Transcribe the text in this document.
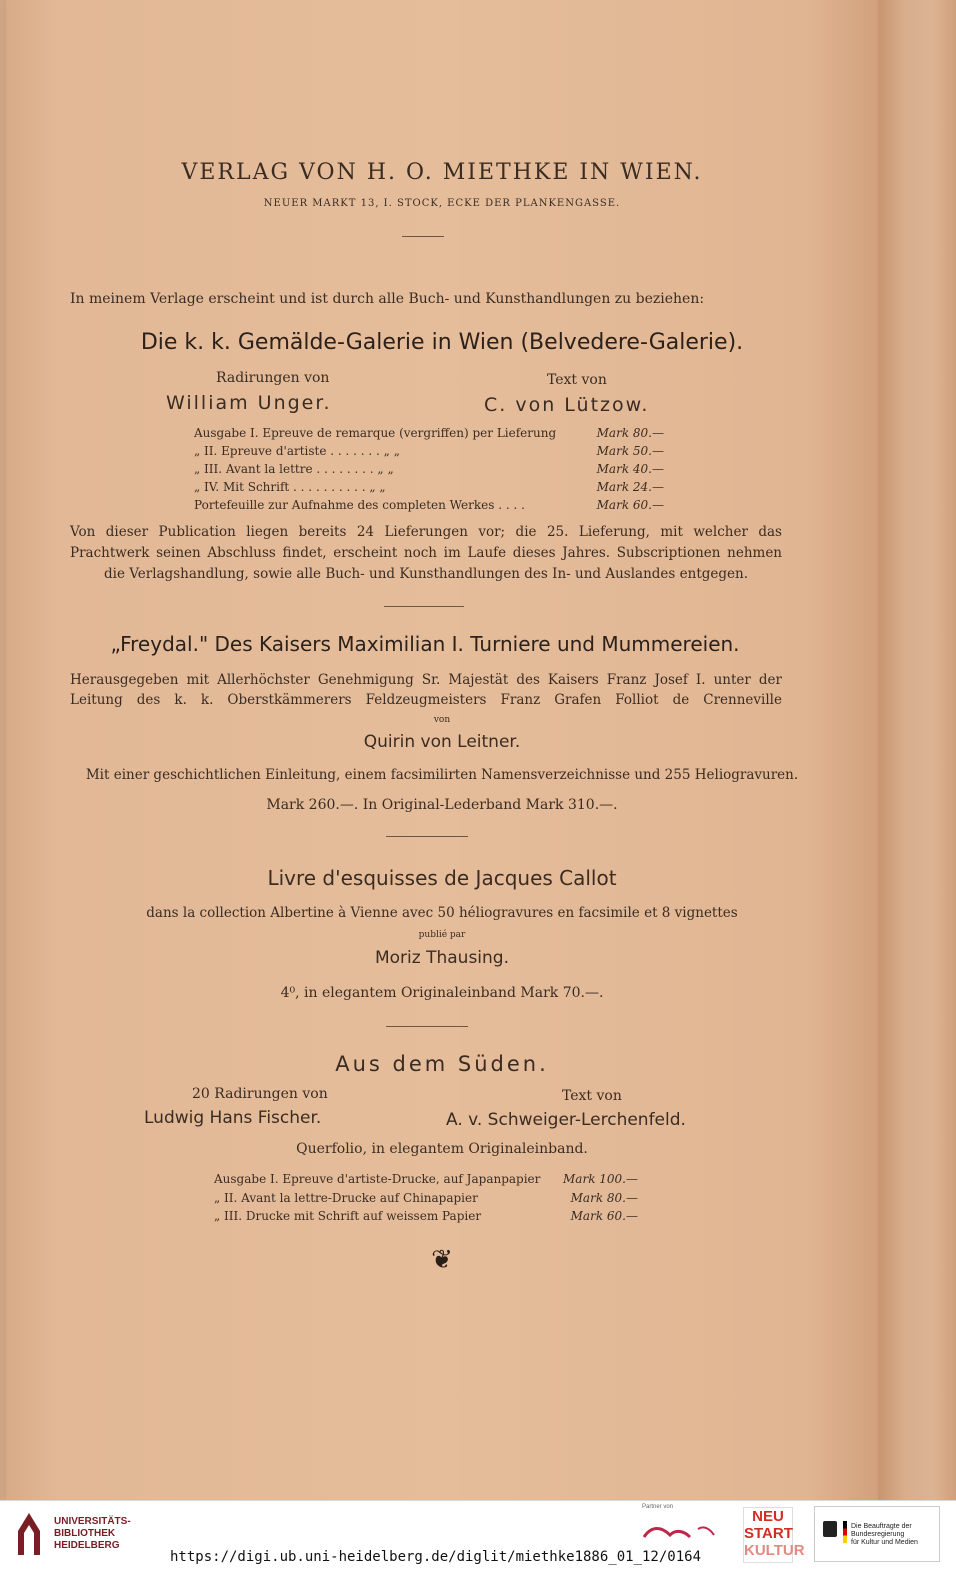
VERLAG VON H. O. MIETHKE IN WIEN.
NEUER MARKT 13, I. STOCK, ECKE DER PLANKENGASSE.
In meinem Verlage erscheint und ist durch alle Buch- und Kunsthandlungen zu beziehen:
Die k. k. Gemälde-Galerie in Wien (Belvedere-Galerie).
Radirungen von	Text von
William Unger.	C. von Lützow.
Ausgabe I. Epreuve de remarque (vergriffen) per Lieferung	Mark 80.—
„ II. Epreuve d'artiste . . . . . . . „ „	Mark 50.—
„ III. Avant la lettre . . . . . . . . „ „	Mark 40.—
„ IV. Mit Schrift . . . . . . . . . . „ „	Mark 24.—
Portefeuille zur Aufnahme des completen Werkes . . . .	Mark 60.—
Von dieser Publication liegen bereits 24 Lieferungen vor; die 25. Lieferung, mit welcher das
Prachtwerk seinen Abschluss findet, erscheint noch im Laufe dieses Jahres. Subscriptionen nehmen
die Verlagshandlung, sowie alle Buch- und Kunsthandlungen des In- und Auslandes entgegen.
„Freydal." Des Kaisers Maximilian I. Turniere und Mummereien.
Herausgegeben mit Allerhöchster Genehmigung Sr. Majestät des Kaisers Franz Josef I. unter der
Leitung des k. k. Oberstkämmerers Feldzeugmeisters Franz Grafen Folliot de Crenneville
von
Quirin von Leitner.
Mit einer geschichtlichen Einleitung, einem facsimilirten Namensverzeichnisse und 255 Heliogravuren.
Mark 260.—. In Original-Lederband Mark 310.—.
Livre d'esquisses de Jacques Callot
dans la collection Albertine à Vienne avec 50 héliogravures en facsimile et 8 vignettes
publié par
Moriz Thausing.
4⁰, in elegantem Originaleinband Mark 70.—.
Aus dem Süden.
20 Radirungen von	Text von
Ludwig Hans Fischer.	A. v. Schweiger-Lerchenfeld.
Querfolio, in elegantem Originaleinband.
Ausgabe I. Epreuve d'artiste-Drucke, auf Japanpapier Mark 100.—
„ II. Avant la lettre-Drucke auf Chinapapier	Mark 80.—
„ III. Drucke mit Schrift auf weissem Papier	Mark 60.—
❦
UNIVERSITÄTS-
BIBLIOTHEK
HEIDELBERG
https://digi.ub.uni-heidelberg.de/diglit/miethke1886_01_12/0164
Partner von
NEU
START
KULTUR
Die Beauftragte der Bundesregierung
für Kultur und Medien
